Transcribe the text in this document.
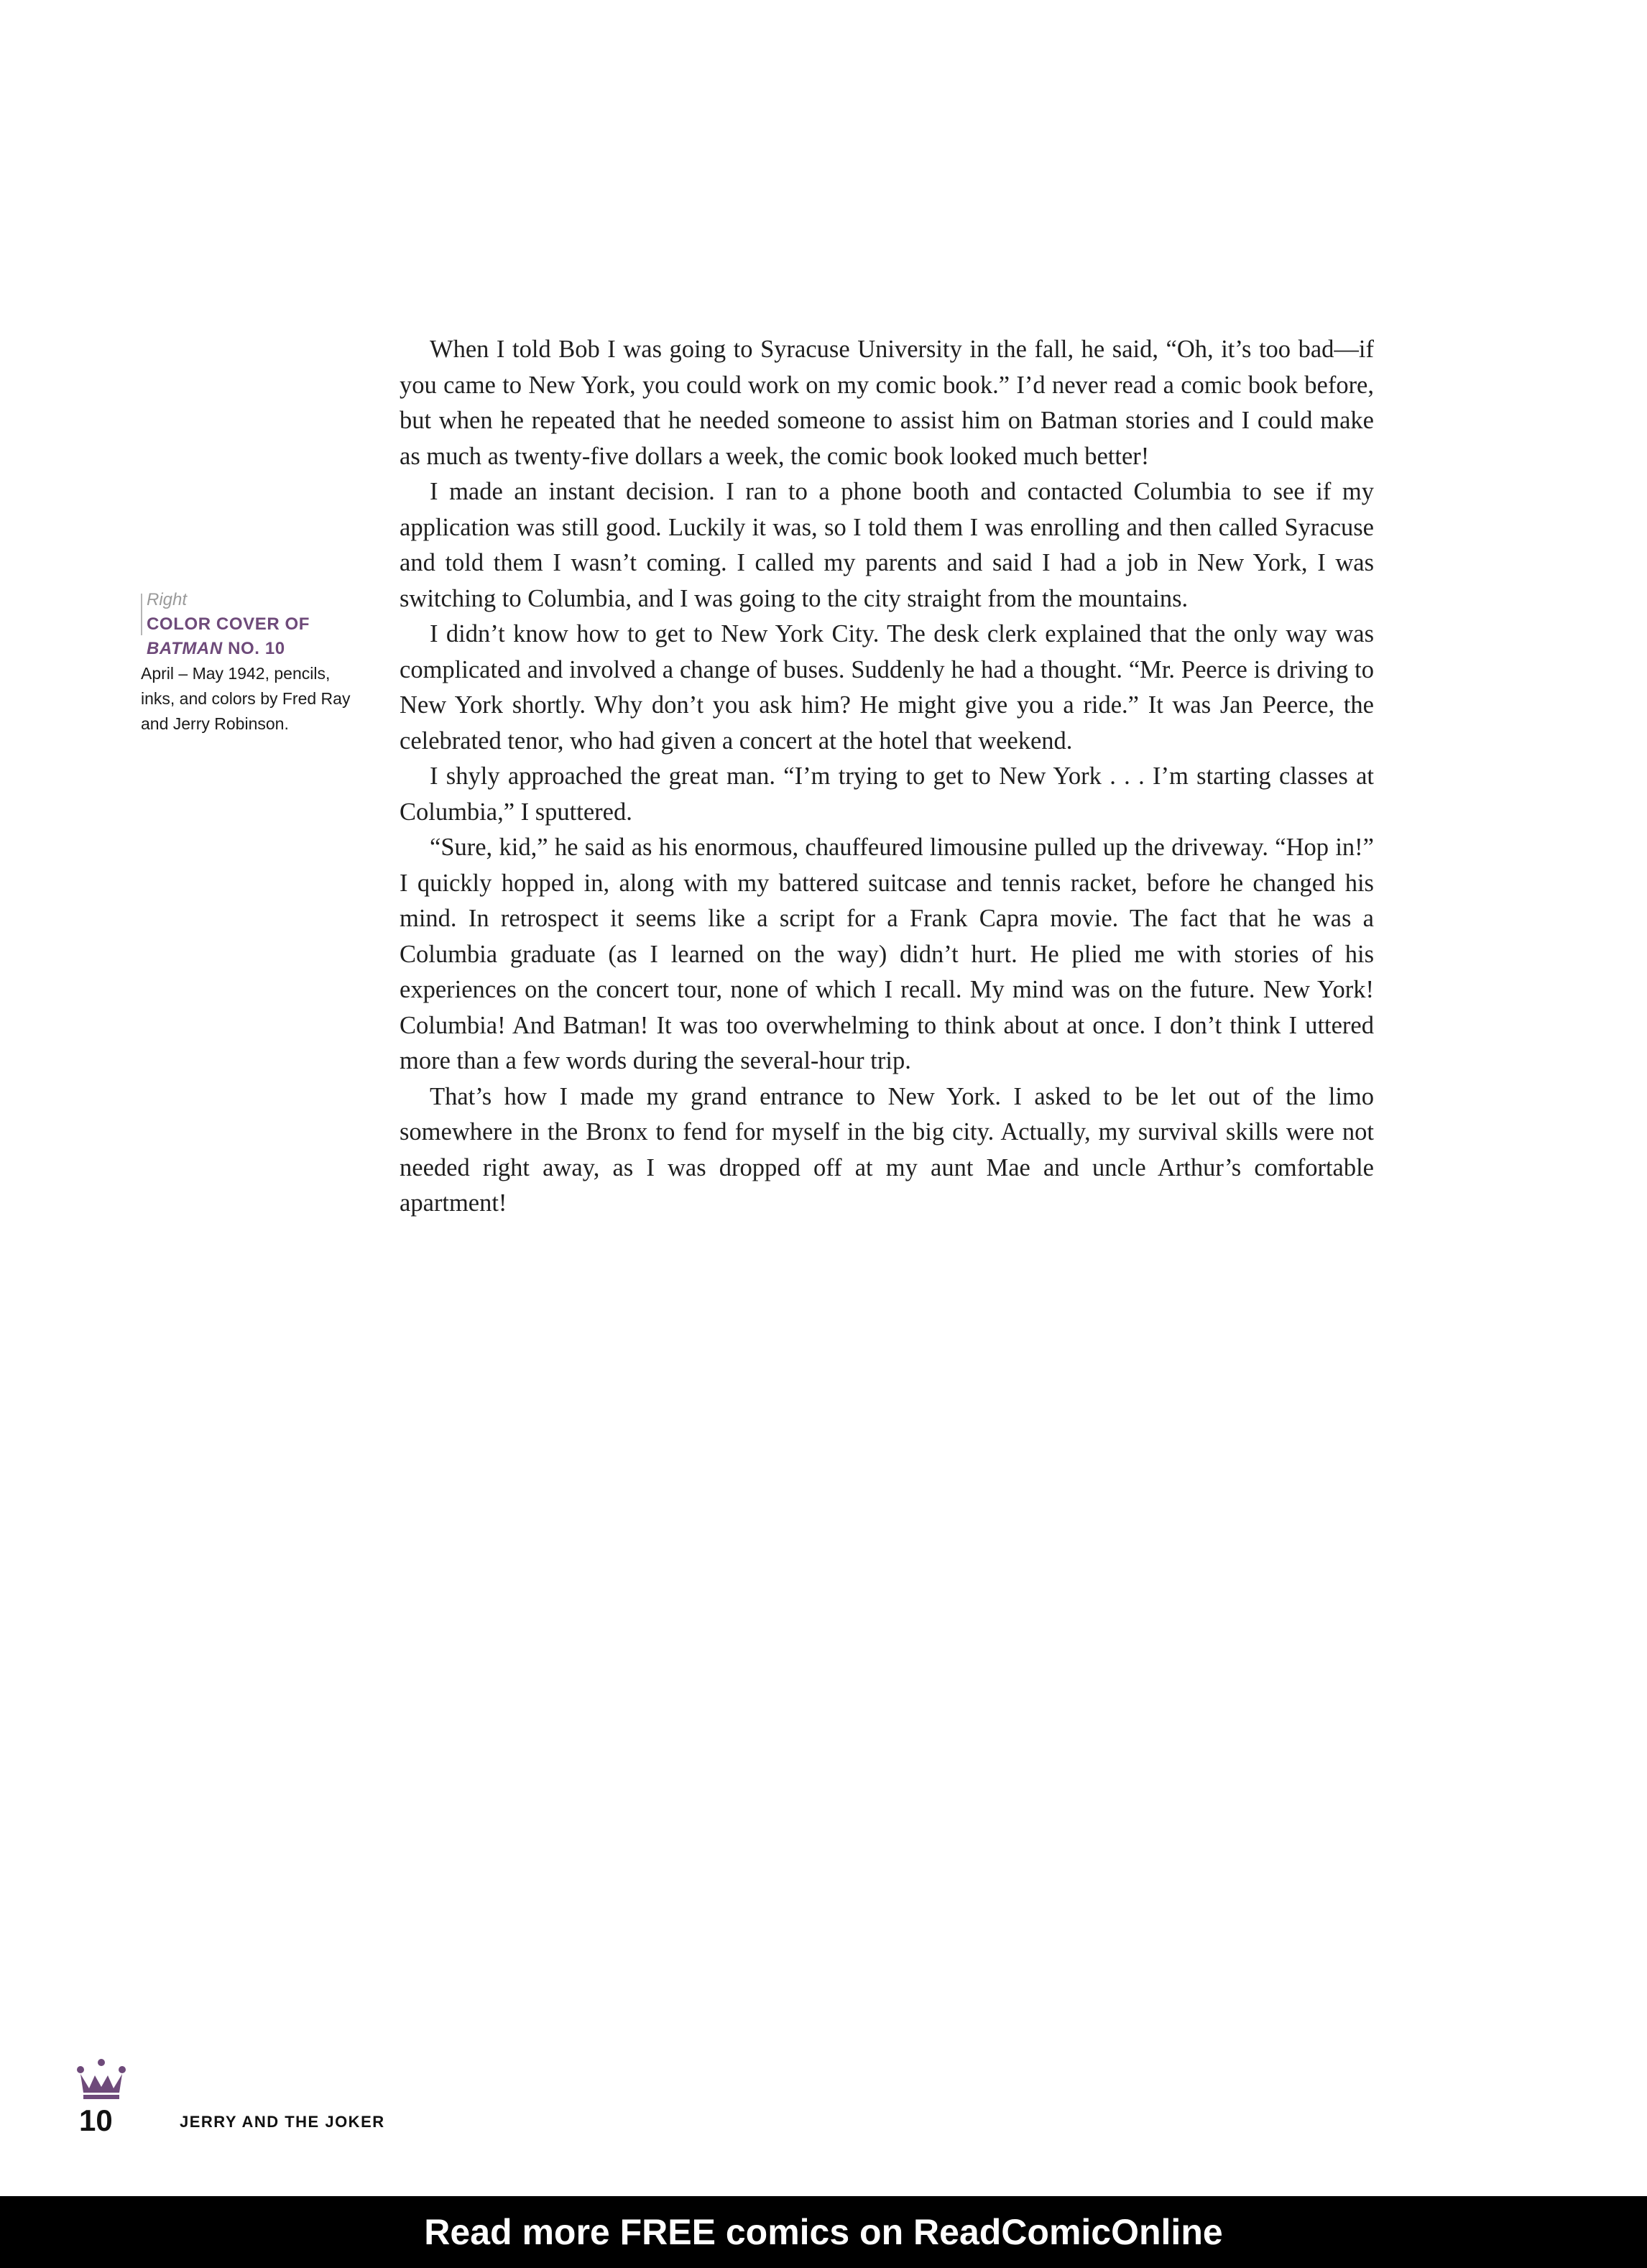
When I told Bob I was going to Syracuse University in the fall, he said, “Oh, it’s too bad—if you came to New York, you could work on my comic book.” I’d never read a comic book before, but when he repeated that he needed someone to assist him on Batman stories and I could make as much as twenty-five dollars a week, the comic book looked much better!

I made an instant decision. I ran to a phone booth and contacted Columbia to see if my application was still good. Luckily it was, so I told them I was enrolling and then called Syracuse and told them I wasn’t coming. I called my parents and said I had a job in New York, I was switching to Columbia, and I was going to the city straight from the mountains.

I didn’t know how to get to New York City. The desk clerk explained that the only way was complicated and involved a change of buses. Suddenly he had a thought. “Mr. Peerce is driving to New York shortly. Why don’t you ask him? He might give you a ride.” It was Jan Peerce, the celebrated tenor, who had given a concert at the hotel that weekend.

I shyly approached the great man. “I’m trying to get to New York . . . I’m starting classes at Columbia,” I sputtered.

“Sure, kid,” he said as his enormous, chauffeured limousine pulled up the driveway. “Hop in!” I quickly hopped in, along with my battered suitcase and tennis racket, before he changed his mind. In retrospect it seems like a script for a Frank Capra movie. The fact that he was a Columbia graduate (as I learned on the way) didn’t hurt. He plied me with stories of his experiences on the concert tour, none of which I recall. My mind was on the future. New York! Columbia! And Batman! It was too overwhelming to think about at once. I don’t think I uttered more than a few words during the several-hour trip.

That’s how I made my grand entrance to New York. I asked to be let out of the limo somewhere in the Bronx to fend for myself in the big city. Actually, my survival skills were not needed right away, as I was dropped off at my aunt Mae and uncle Arthur’s comfortable apartment!

Right
COLOR COVER OF
BATMAN NO. 10
April – May 1942, pencils, inks, and colors by Fred Ray and Jerry Robinson.
10	JERRY AND THE JOKER
Read more FREE comics on ReadComicOnline
